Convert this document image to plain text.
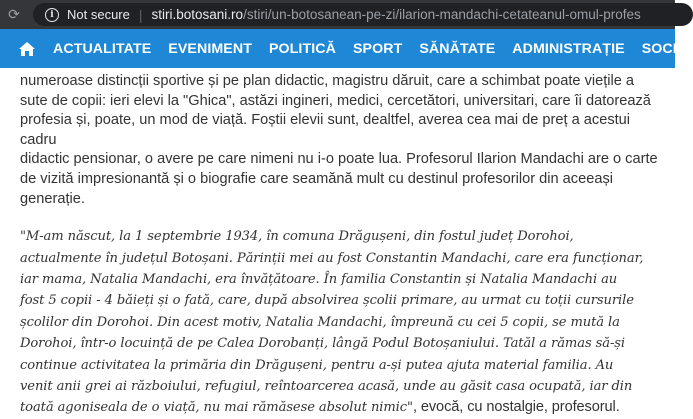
⟳	i	Not secure | stiri.botosani.ro /stiri/un-botosanean-pe-zi/ilarion-mandachi-cetateanul-omul-profes
ACTUALITATE EVENIMENT POLITICĂ SPORT SĂNĂTATE ADMINISTRAȚIE SOCIA

numeroase distincții sportive și pe plan didactic, magistru dăruit, care a schimbat poate viețile a
sute de copii: ieri elevi la "Ghica", astăzi ingineri, medici, cercetători, universitari, care îi datorează
profesia și, poate, un mod de viață. Foștii elevii sunt, dealtfel, averea cea mai de preț a acestui cadru
didactic pensionar, o avere pe care nimeni nu i-o poate lua. Profesorul Ilarion Mandachi are o carte
de vizită impresionantă și o biografie care seamănă mult cu destinul profesorilor din aceeași
generație.

"M-am născut, la 1 septembrie 1934, în comuna Drăgușeni, din fostul județ Dorohoi,
actualmente în județul Botoșani. Părinții mei au fost Constantin Mandachi, care era funcționar,
iar mama, Natalia Mandachi, era învățătoare. În familia Constantin și Natalia Mandachi au
fost 5 copii - 4 băieți și o fată, care, după absolvirea școlii primare, au urmat cu toții cursurile
școlilor din Dorohoi. Din acest motiv, Natalia Mandachi, împreună cu cei 5 copii, se mută la
Dorohoi, într-o locuință de pe Calea Dorobanți, lângă Podul Botoșaniului. Tatăl a rămas să-și
continue activitatea la primăria din Drăgușeni, pentru a-și putea ajuta material familia. Au
venit anii grei ai războiului, refugiul, reîntoarcerea acasă, unde au găsit casa ocupată, iar din
toată agoniseala de o viață, nu mai rămăsese absolut nimic", evocă, cu nostalgie, profesorul.
